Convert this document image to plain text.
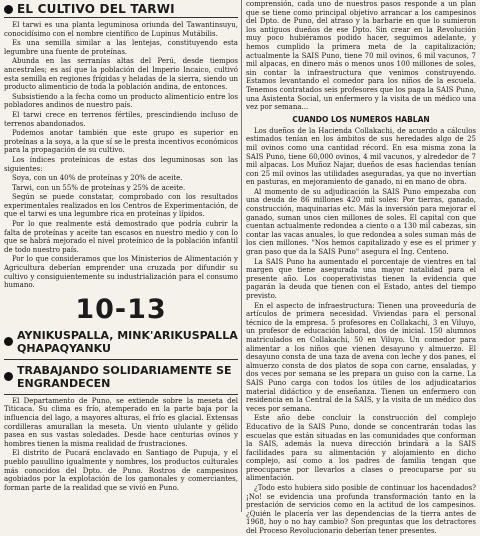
EL CULTIVO DEL TARWI

El tarwi es una planta leguminosa oriunda del Tawantinsuyu, conocidísimo con el nombre científico de Lupinus Mutábilis.

Es una semilla similar a las lentejas, constituyendo esta legumbre una fuente de proteínas.

Abunda en las serranías altas del Perú, desde tiempos ancestrales; es así que la población del Imperio Incaico, cultivó esta semilla en regiones frígidas y heladas de la sierra, siendo un producto alimenticio de toda la población andina, de entonces.

Subsistiendo a la fecha como un producto alimenticio entre los pobladores andinos de nuestro país.

El tarwi crece en terrenos fértiles, prescindiendo incluso de terrenos abandonados.

Podemos anotar también que este grupo es superior en proteínas a la soya, a la que sí se le presta incentivos económicos para la propagación de su cultivo.

Los índices proteínicos de estas dos leguminosas son las siguientes:

Soya, con un 40% de proteínas y 20% de aceite.

Tarwi, con un 55% de proteínas y 25% de aceite.

Según se puede constatar, comprobado con los resultados experimentales realizados en los Centros de Experimentación, de que el tarwi es una legumbre rica en proteínas y lípidos.

Por lo que realmente está demostrado que podría cubrir la falta de proteínas y aceite tan escasos en nuestro medio y con lo que se habrá mejorado el nivel proteínico de la población infantil de todo nuestro país.

Por lo que consideramos que los Ministerios de Alimentación y Agricultura deberían emprender una cruzada por difundir su cultivo y consiguientemente su industrialización para el consumo humano.

10-13
AYNIKUSPALLA, MINK'ARIKUSPALLA QHAPAQYANKU
TRABAJANDO SOLIDARIAMENTE SE ENGRANDECEN

El Departamento de Puno, se extiende sobre la meseta del Titicaca. Su clima es frío, atemperado en la parte baja por la influencia del lago, a mayores alturas, el frío es glacial. Extensas cordilleras amurallan la meseta. Un viento ululante y gélido pasea en sus vastas soledades. Desde hace centurias ovinos y hombres tienen la misma realidad de frustraciones.

El distrito de Pucará enclavado en Santiago de Pupuja, y el pueblo pauullino igualmente y nombres, los productos culturales más conocidos del Dpto. de Puno. Rostros de campesinos agobiados por la explotación de los gamonales y comerciantes, forman parte de la realidad que se vivió en Puno.

comprensión, cada uno de nuestros pasos responde a un plan que se tiene como principal objetivo arrancar a los campesinos del Dpto. de Puno, del atraso y la barbarie en que lo sumieron los antiguos dueños de ese Dpto. Sin crear en la Revolución muy poco hubiéramos podido hacer, seguimos adelante, y hemos cumplido la primera meta de la capitalización; actualmente la SAIS Puno, tiene 70 mil ovinos, 6 mil vacunos, 7 mil alpacas, en dinero más o menos unos 100 millones de soles, sin contar la infraestructura que venimos construyendo. Estamos levantando el comedor para los niños de la escuela. Tenemos contratados seis profesores que los paga la SAIS Puno, una Asistenta Social, un enfermero y la visita de un médico una vez por semana...

CUANDO LOS NUMEROS HABLAN

Los dueños de la Hacienda Collakachi, de acuerdo a cálculos estimados tenían en los ámbitos de sus heredades algo de 25 mil ovinos como una cantidad récord. En esa misma zona la SAIS Puno, tiene 60,000 ovinos, 4 mil vacunos, y alrededor de 7 mil alpacas. Los Muñoz Najar, dueños de esas haciendas tenían con 25 mil ovinos las utilidades aseguradas, ya que no invertían en pasturas, en mejoramiento de ganado, ni en mano de obra.

Al momento de su adjudicación la SAIS Puno empezaba con una deuda de 86 millones 420 mil soles: Por tierras, ganado, construcción, maquinarias etc. Más la inversión para mejorar el ganado, suman unos cien millones de soles. El capital con que cuentan actualmente redondea a ciento o a 130 mil cabezas, sin contar las vacas anuales, lo que redondea a soles suman más de los cien millones. "Nos hemos capitalizado y ese es el primer y gran paso que da la SAIS Puno" asegura el Ing. Centeno.

La SAIS Puno ha aumentado el porcentaje de vientres en tal margen que tiene asegurada una mayor natalidad para el presente año. Los cooperativistas tienen la evidencia que pagarán la deuda que tienen con el Estado, antes del tiempo previsto.

En el aspecto de infraestructura: Tienen una proveeduría de artículos de primera necesidad. Viviendas para el personal técnico de la empresa. 5 profesores en Collakachi, 3 en Viluyo, un profesor de educación laboral, dos de inicial. 150 alumnos matriculados en Collakachi, 50 en Viluyo. Un comedor para alimentar a los niños que vienen desayuno y almuerzo. El desayuno consta de una taza de avena con leche y dos panes, el almuerzo consta de dos platos de sopa con carne, ensaladas, y dos veces por semana se les prepara un guiso con la carne. La SAIS Puno carga con todos los útiles de los adjudicatarios material didáctico y de enseñanza. Tienen un enfermero con residencia en la Central de la SAIS, y la visita de un médico dos veces por semana.

Este año debe concluir la construcción del complejo Educativo de la SAIS Puno, donde se concentrarán todas las escuelas que están situadas en las comunidades que conforman la SAIS, además la nueva dirección brindará a la SAIS facilidades para su alimentación y alojamiento en dicho complejo, así como a los padres de familia tengan que preocuparse por llevarlos a clases o preocuparse por su alimentación.

¿Todo esto hubiera sido posible de continuar los hacendados? ¡No! se evidencia una profunda transformación tanto en la prestación de servicios como en la actitud de los campesinos. ¿Quién le placería ver las dependencias de la tierra antes de 1968, hoy o no hay cambio? Son preguntas que los detractores del Proceso Revolucionario deberían tener presentes.
